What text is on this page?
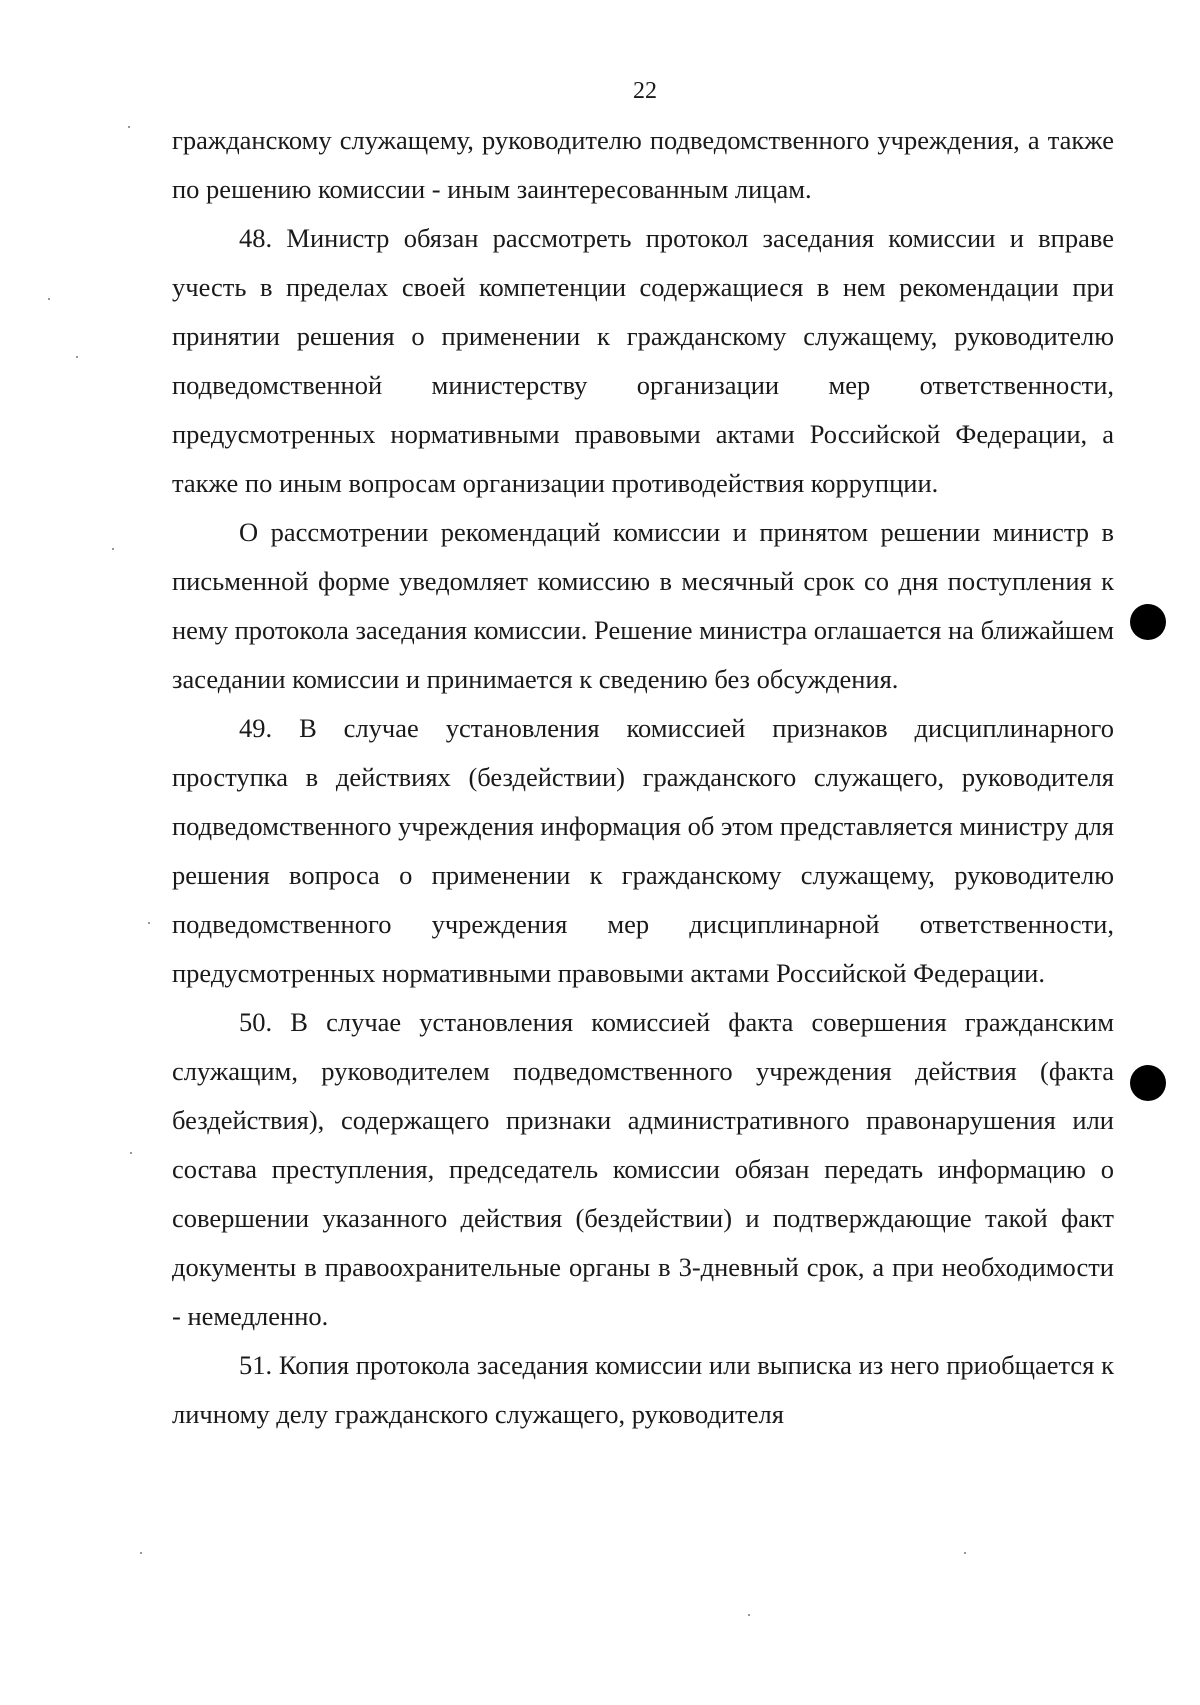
22

гражданскому служащему, руководителю подведомственного учреждения, а также по решению комиссии - иным заинтересованным лицам.

48. Министр обязан рассмотреть протокол заседания комиссии и вправе учесть в пределах своей компетенции содержащиеся в нем рекомендации при принятии решения о применении к гражданскому служащему, руководителю подведомственной министерству организации мер ответственности, предусмотренных нормативными правовыми актами Российской Федерации, а также по иным вопросам организации противодействия коррупции.

О рассмотрении рекомендаций комиссии и принятом решении министр в письменной форме уведомляет комиссию в месячный срок со дня поступления к нему протокола заседания комиссии. Решение министра оглашается на ближайшем заседании комиссии и принимается к сведению без обсуждения.

49. В случае установления комиссией признаков дисциплинарного проступка в действиях (бездействии) гражданского служащего, руководителя подведомственного учреждения информация об этом представляется министру для решения вопроса о применении к гражданскому служащему, руководителю подведомственного учреждения мер дисциплинарной ответственности, предусмотренных нормативными правовыми актами Российской Федерации.

50. В случае установления комиссией факта совершения гражданским служащим, руководителем подведомственного учреждения действия (факта бездействия), содержащего признаки административного правонарушения или состава преступления, председатель комиссии обязан передать информацию о совершении указанного действия (бездействии) и подтверждающие такой факт документы в правоохранительные органы в 3-дневный срок, а при необходимости - немедленно.

51. Копия протокола заседания комиссии или выписка из него приобщается к личному делу гражданского служащего, руководителя
